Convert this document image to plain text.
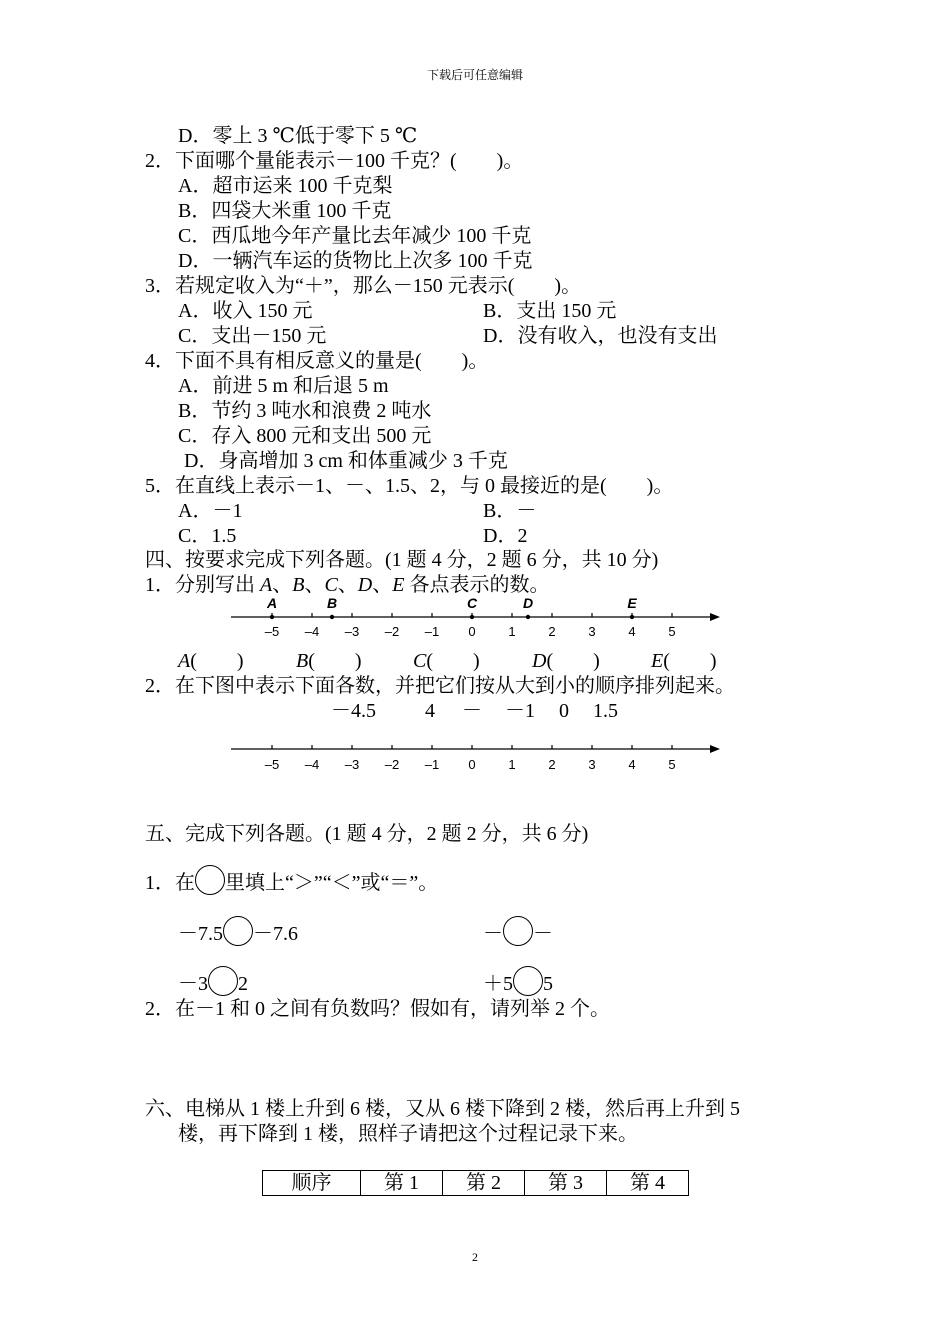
下载后可任意编辑
D．零上 3 ℃低于零下 5 ℃
2．下面哪个量能表示－100 千克？(　　)。
A．超市运来 100 千克梨
B．四袋大米重 100 千克
C．西瓜地今年产量比去年减少 100 千克
D．一辆汽车运的货物比上次多 100 千克
3．若规定收入为“＋”，那么－150 元表示(　　)。
A．收入 150 元	B．支出 150 元
C．支出－150 元	D．没有收入，也没有支出
4．下面不具有相反意义的量是(　　)。
A．前进 5 m 和后退 5 m
B．节约 3 吨水和浪费 2 吨水
C．存入 800 元和支出 500 元
D．身高增加 3 cm 和体重减少 3 千克
5．在直线上表示－1、－、1.5、2，与 0 最接近的是(　　)。
A．－1	B．－
C．1.5	D．2
四、按要求完成下列各题。(1 题 4 分，2 题 6 分，共 10 分)
1．分别写出 A、B、C、D、E 各点表示的数。
–5 –4 –3 –2 –1 0	1	2	3	4	5
A	B	C	D	E
A(　　)	B(　　)	C(　　)	D(　　)	E(　　)
2．在下图中表示下面各数，并把它们按从大到小的顺序排列起来。
－4.5 4 － －1 0 1.5
–5 –4 –3 –2 –1 0	1	2	3	4	5
五、完成下列各题。(1 题 4 分，2 题 2 分，共 6 分)
1．在 里填上“＞”“＜”或“＝”。
－7.5 －7.6	－ －
－3 2	＋5 5
2．在－1 和 0 之间有负数吗？假如有，请列举 2 个。
六、电梯从 1 楼上升到 6 楼，又从 6 楼下降到 2 楼，然后再上升到 5
楼，再下降到 1 楼，照样子请把这个过程记录下来。
顺序	第 1	第 2	第 3	第 4
2
